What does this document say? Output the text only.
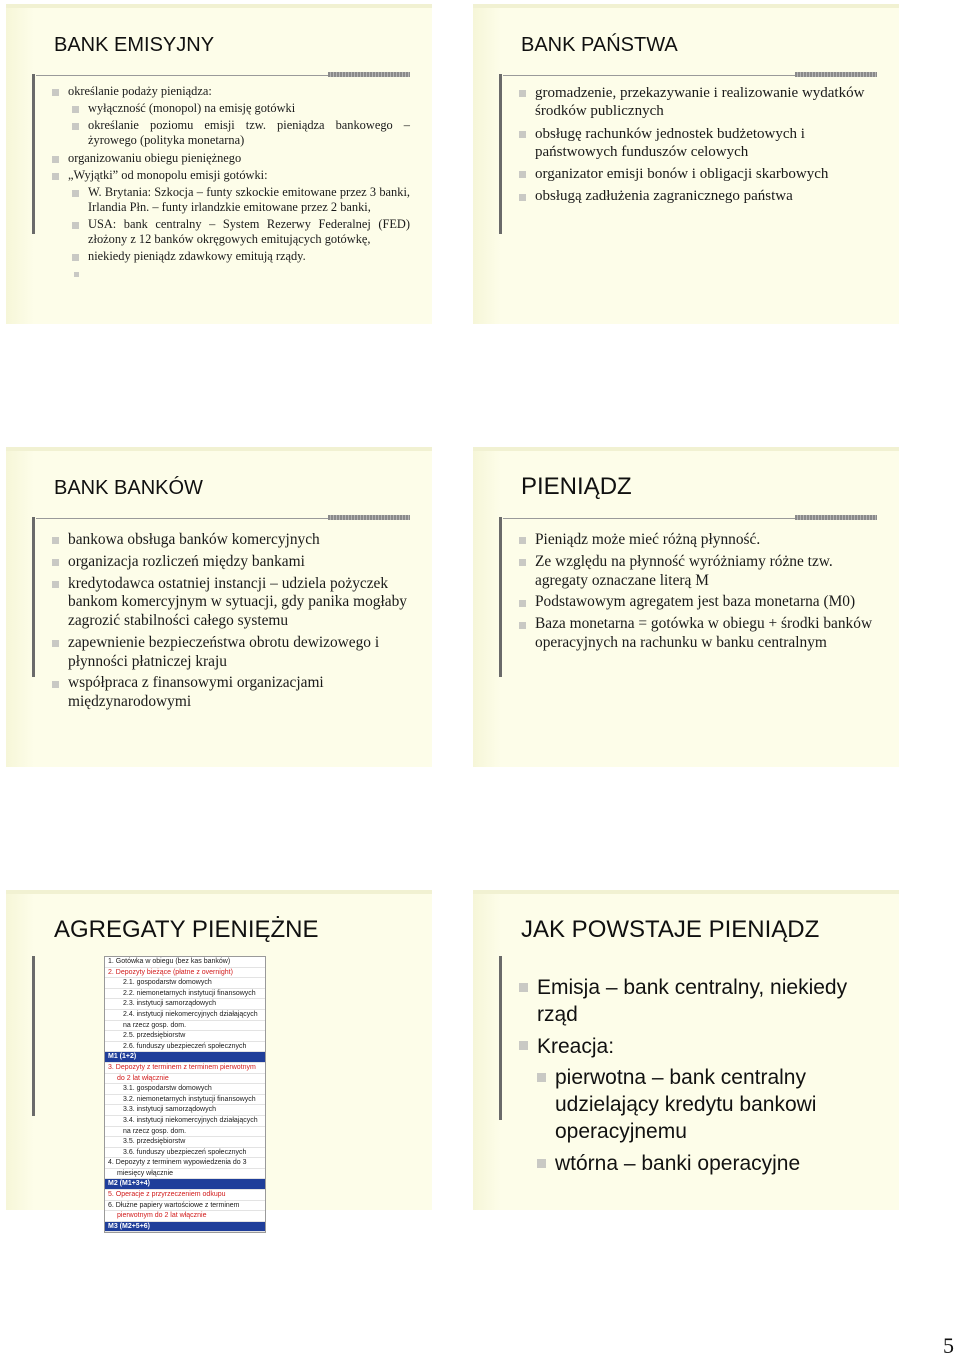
BANK EMISYJNY
określanie podaży pieniądza:
wyłączność (monopol) na emisję gotówki
określanie poziomu emisji tzw. pieniądza bankowego – żyrowego (polityka monetarna)
organizowaniu obiegu pieniężnego
„Wyjątki” od monopolu emisji gotówki:
W. Brytania: Szkocja – funty szkockie emitowane przez 3 banki, Irlandia Płn. – funty irlandzkie emitowane przez 2 banki,
USA: bank centralny – System Rezerwy Federalnej (FED) złożony z 12 banków okręgowych emitujących gotówkę,
niekiedy pieniądz zdawkowy emitują rządy.
BANK PAŃSTWA
gromadzenie, przekazywanie i realizowanie wydatków środków publicznych
obsługę rachunków jednostek budżetowych i państwowych funduszów celowych
organizator emisji bonów i obligacji skarbowych
obsługą zadłużenia zagranicznego państwa
BANK BANKÓW
bankowa obsługa banków komercyjnych
organizacja rozliczeń między bankami
kredytodawca ostatniej instancji – udziela pożyczek bankom komercyjnym w sytuacji, gdy panika mogłaby zagrozić stabilności całego systemu
zapewnienie bezpieczeństwa obrotu dewizowego i płynności płatniczej kraju
współpraca z finansowymi organizacjami międzynarodowymi
PIENIĄDZ
Pieniądz może mieć różną płynność.
Ze względu na płynność wyróżniamy różne tzw. agregaty oznaczane literą M
Podstawowym agregatem jest baza monetarna (M0)
Baza monetarna = gotówka w obiegu + środki banków operacyjnych na rachunku w banku centralnym
AGREGATY PIENIĘŻNE
1. Gotówka w obiegu (bez kas banków)
2. Depozyty bieżące (płatne z overnight)
2.1. gospodarstw domowych
2.2. niemonetarnych instytucji finansowych
2.3. instytucji samorządowych
2.4. instytucji niekomercyjnych działających
na rzecz gosp. dom.
2.5. przedsiębiorstw
2.6. funduszy ubezpieczeń społecznych
M1 (1+2)
3. Depozyty z terminem z terminem pierwotnym
do 2 lat włącznie
3.1. gospodarstw domowych
3.2. niemonetarnych instytucji finansowych
3.3. instytucji samorządowych
3.4. instytucji niekomercyjnych działających
na rzecz gosp. dom.
3.5. przedsiębiorstw
3.6. funduszy ubezpieczeń społecznych
4. Depozyty z terminem wypowiedzenia do 3
miesięcy włącznie
M2 (M1+3+4)
5. Operacje z przyrzeczeniem odkupu
6. Dłużne papiery wartościowe z terminem
pierwotnym do 2 lat włącznie
M3 (M2+5+6)
JAK POWSTAJE PIENIĄDZ
Emisja – bank centralny, niekiedy rząd
Kreacja:
pierwotna – bank centralny udzielający kredytu bankowi operacyjnemu
wtórna – banki operacyjne
5
